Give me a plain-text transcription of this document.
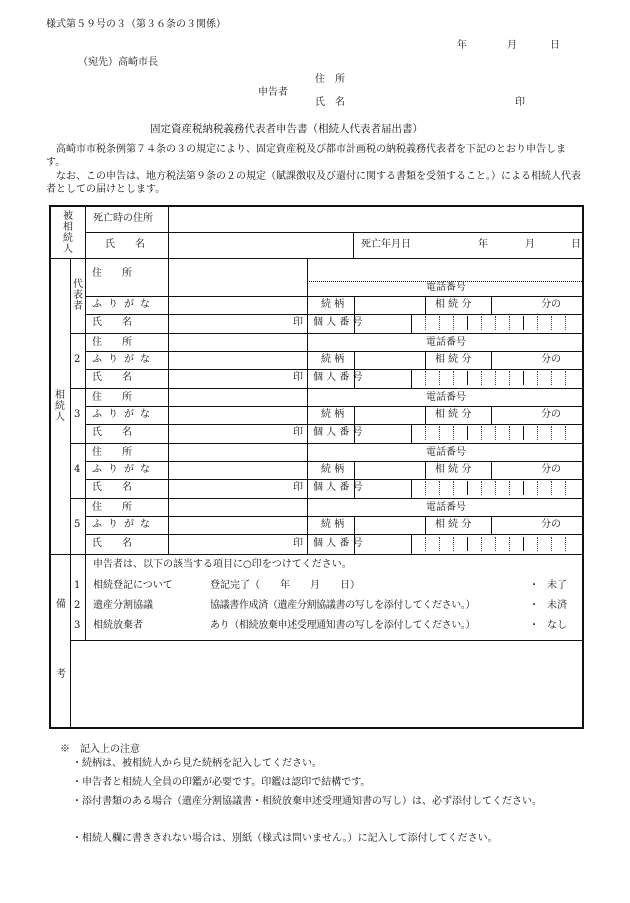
様式第５９号の３（第３６条の３関係）
年	月	日
（宛先）高崎市長
申告者
住　所
氏　名	印
固定資産税納税義務代表者申告書（相続人代表者届出書）
高崎市市税条例第７４条の３の規定により、固定資産税及び都市計画税の納税義務代表者を下記のとおり申告します。
なお、この申告は、地方税法第９条の２の規定（賦課徴収及び還付に関する書類を受領すること。）による相続人代表者としての届けとします。
被相続人
死亡時の住所
氏　　名	死亡年月日	年	月	日
相続人
代表者
住　　所
電話番号
ふりがな	続 柄	相 続 分	分の
氏　　名	印 個 人 番 号
2
住　　所	電話番号
ふりがな	続 柄	相 続 分	分の
氏　　名	印 個 人 番 号
3
住　　所	電話番号
ふりがな	続 柄	相 続 分	分の
氏　　名	印 個 人 番 号
4
住　　所	電話番号
ふりがな	続 柄	相 続 分	分の
氏　　名	印 個 人 番 号
5
住　　所	電話番号
ふりがな	続 柄	相 続 分	分の
氏　　名	印 個 人 番 号
備
考
申告者は、以下の該当する項目に○印をつけてください。
1 相続登記について	登記完了（　　年　　月　　日）	・ 未了
2 遺産分割協議	協議書作成済（遺産分割協議書の写しを添付してください。）	・ 未済
3 相続放棄者	あり（相続放棄申述受理通知書の写しを添付してください。）	・ なし
※　記入上の注意
・続柄は、被相続人から見た続柄を記入してください。
・申告者と相続人全員の印鑑が必要です。印鑑は認印で結構です。
・添付書類のある場合（遺産分割協議書・相続放棄申述受理通知書の写し）は、必ず添付してください。
・相続人欄に書ききれない場合は、別紙（様式は問いません。）に記入して添付してください。
